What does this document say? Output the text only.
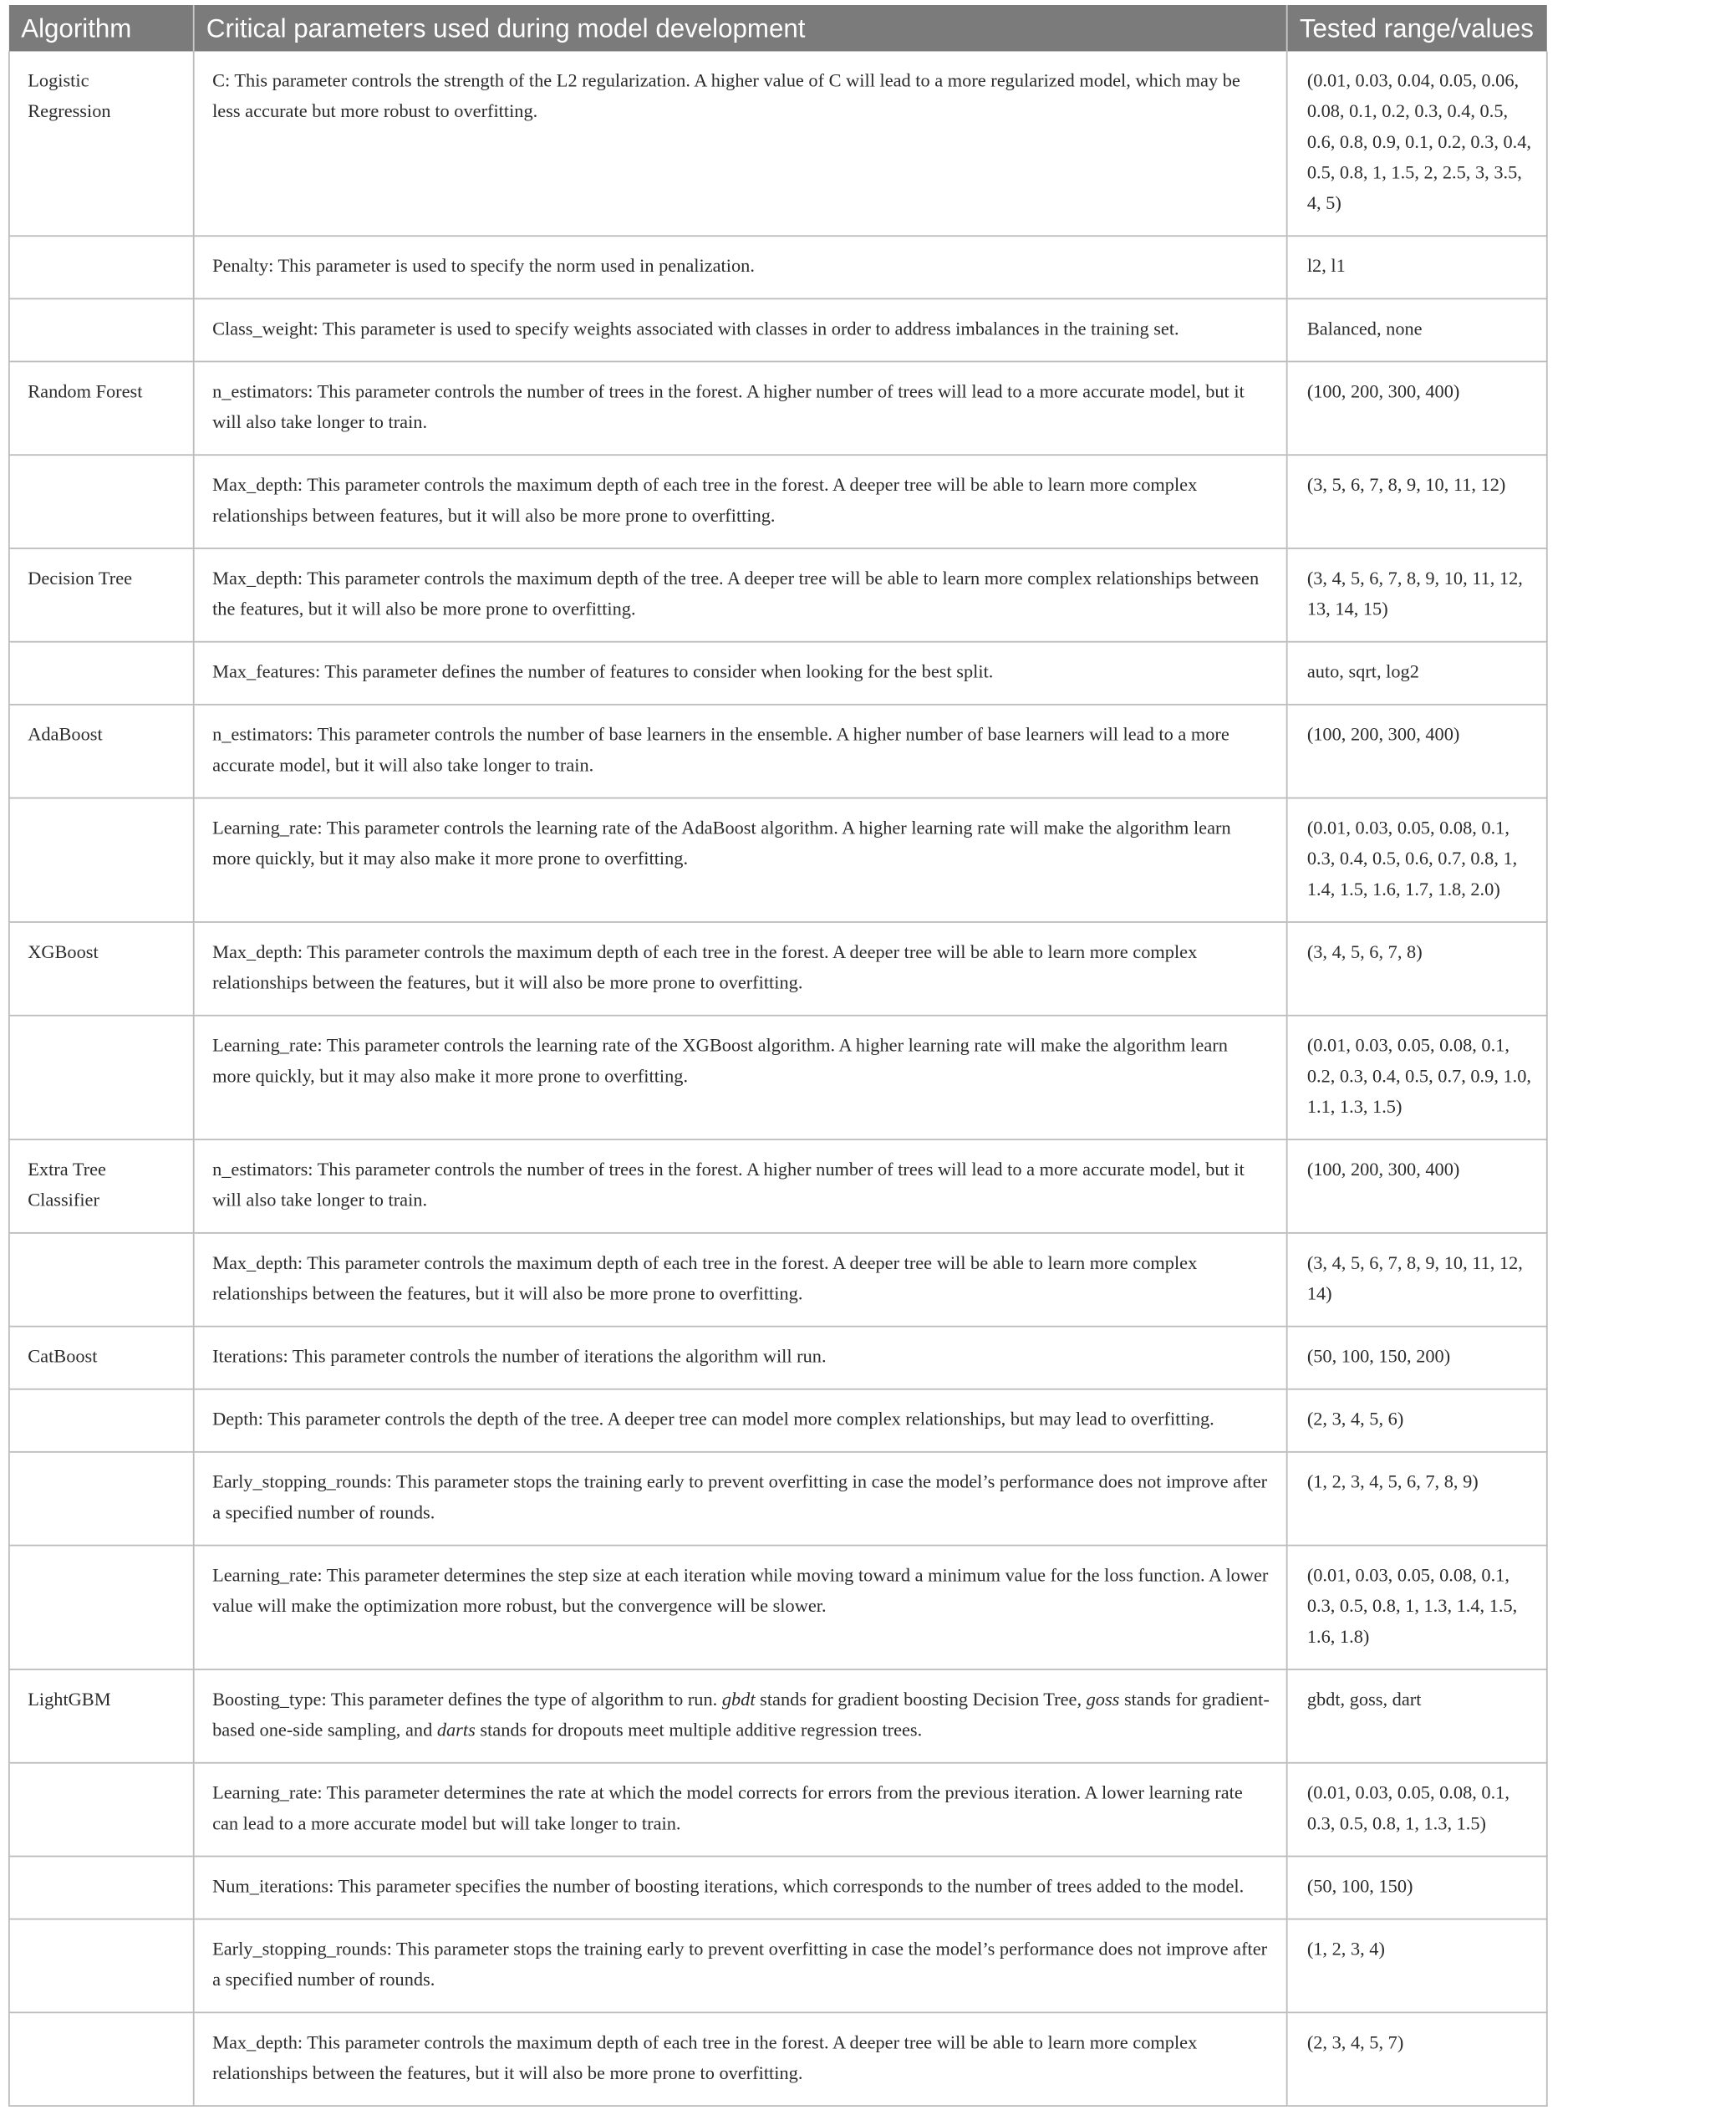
Algorithm	Critical parameters used during model development	Tested range/values
Logistic Regression	C: This parameter controls the strength of the L2 regularization. A higher value of C will lead to a more regularized model, which may be less accurate but more robust to overfitting.	(0.01, 0.03, 0.04, 0.05, 0.06, 0.08, 0.1, 0.2, 0.3, 0.4, 0.5, 0.6, 0.8, 0.9, 0.1, 0.2, 0.3, 0.4, 0.5, 0.8, 1, 1.5, 2, 2.5, 3, 3.5, 4, 5)
	Penalty: This parameter is used to specify the norm used in penalization.	l2, l1
	Class_weight: This parameter is used to specify weights associated with classes in order to address imbalances in the training set.	Balanced, none
Random Forest	n_estimators: This parameter controls the number of trees in the forest. A higher number of trees will lead to a more accurate model, but it will also take longer to train.	(100, 200, 300, 400)
	Max_depth: This parameter controls the maximum depth of each tree in the forest. A deeper tree will be able to learn more complex relationships between features, but it will also be more prone to overfitting.	(3, 5, 6, 7, 8, 9, 10, 11, 12)
Decision Tree	Max_depth: This parameter controls the maximum depth of the tree. A deeper tree will be able to learn more complex relationships between the features, but it will also be more prone to overfitting.	(3, 4, 5, 6, 7, 8, 9, 10, 11, 12, 13, 14, 15)
	Max_features: This parameter defines the number of features to consider when looking for the best split.	auto, sqrt, log2
AdaBoost	n_estimators: This parameter controls the number of base learners in the ensemble. A higher number of base learners will lead to a more accurate model, but it will also take longer to train.	(100, 200, 300, 400)
	Learning_rate: This parameter controls the learning rate of the AdaBoost algorithm. A higher learning rate will make the algorithm learn more quickly, but it may also make it more prone to overfitting.	(0.01, 0.03, 0.05, 0.08, 0.1, 0.3, 0.4, 0.5, 0.6, 0.7, 0.8, 1, 1.4, 1.5, 1.6, 1.7, 1.8, 2.0)
XGBoost	Max_depth: This parameter controls the maximum depth of each tree in the forest. A deeper tree will be able to learn more complex relationships between the features, but it will also be more prone to overfitting.	(3, 4, 5, 6, 7, 8)
	Learning_rate: This parameter controls the learning rate of the XGBoost algorithm. A higher learning rate will make the algorithm learn more quickly, but it may also make it more prone to overfitting.	(0.01, 0.03, 0.05, 0.08, 0.1, 0.2, 0.3, 0.4, 0.5, 0.7, 0.9, 1.0, 1.1, 1.3, 1.5)
Extra Tree Classifier	n_estimators: This parameter controls the number of trees in the forest. A higher number of trees will lead to a more accurate model, but it will also take longer to train.	(100, 200, 300, 400)
	Max_depth: This parameter controls the maximum depth of each tree in the forest. A deeper tree will be able to learn more complex relationships between the features, but it will also be more prone to overfitting.	(3, 4, 5, 6, 7, 8, 9, 10, 11, 12, 14)
CatBoost	Iterations: This parameter controls the number of iterations the algorithm will run.	(50, 100, 150, 200)
	Depth: This parameter controls the depth of the tree. A deeper tree can model more complex relationships, but may lead to overfitting.	(2, 3, 4, 5, 6)
	Early_stopping_rounds: This parameter stops the training early to prevent overfitting in case the model’s performance does not improve after a specified number of rounds.	(1, 2, 3, 4, 5, 6, 7, 8, 9)
	Learning_rate: This parameter determines the step size at each iteration while moving toward a minimum value for the loss function. A lower value will make the optimization more robust, but the convergence will be slower.	(0.01, 0.03, 0.05, 0.08, 0.1, 0.3, 0.5, 0.8, 1, 1.3, 1.4, 1.5, 1.6, 1.8)
LightGBM	Boosting_type: This parameter defines the type of algorithm to run. gbdt stands for gradient boosting Decision Tree, goss stands for gradient-based one-side sampling, and darts stands for dropouts meet multiple additive regression trees.	gbdt, goss, dart
	Learning_rate: This parameter determines the rate at which the model corrects for errors from the previous iteration. A lower learning rate can lead to a more accurate model but will take longer to train.	(0.01, 0.03, 0.05, 0.08, 0.1, 0.3, 0.5, 0.8, 1, 1.3, 1.5)
	Num_iterations: This parameter specifies the number of boosting iterations, which corresponds to the number of trees added to the model.	(50, 100, 150)
	Early_stopping_rounds: This parameter stops the training early to prevent overfitting in case the model’s performance does not improve after a specified number of rounds.	(1, 2, 3, 4)
	Max_depth: This parameter controls the maximum depth of each tree in the forest. A deeper tree will be able to learn more complex relationships between the features, but it will also be more prone to overfitting.	(2, 3, 4, 5, 7)
